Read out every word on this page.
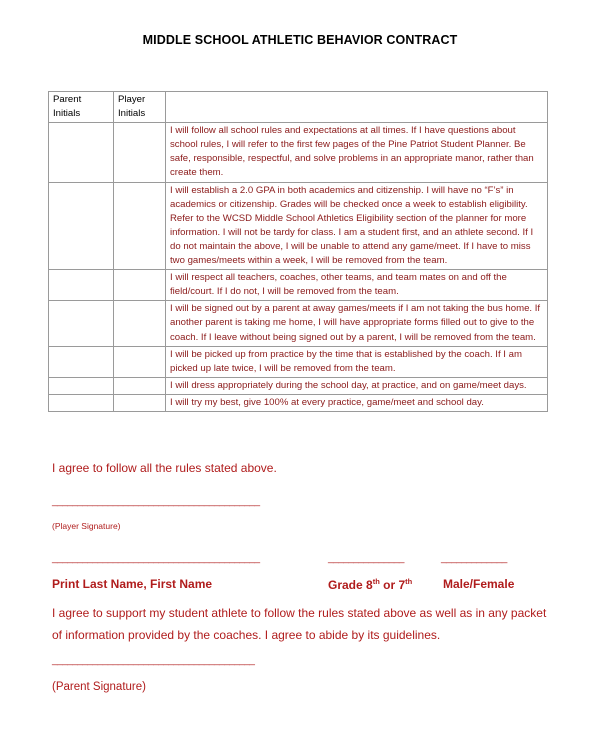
MIDDLE SCHOOL ATHLETIC BEHAVIOR CONTRACT
Parent Initials	Player Initials	
		I will follow all school rules and expectations at all times. If I have questions about school rules, I will refer to the first few pages of the Pine Patriot Student Planner. Be safe, responsible, respectful, and solve problems in an appropriate manor, rather than create them.
		I will establish a 2.0 GPA in both academics and citizenship. I will have no “F’s” in academics or citizenship. Grades will be checked once a week to establish eligibility. Refer to the WCSD Middle School Athletics Eligibility section of the planner for more information. I will not be tardy for class. I am a student first, and an athlete second. If I do not maintain the above, I will be unable to attend any game/meet. If I have to miss two games/meets within a week, I will be removed from the team.
		I will respect all teachers, coaches, other teams, and team mates on and off the field/court. If I do not, I will be removed from the team.
		I will be signed out by a parent at away games/meets if I am not taking the bus home. If another parent is taking me home, I will have appropriate forms filled out to give to the coach. If I leave without being signed out by a parent, I will be removed from the team.
		I will be picked up from practice by the time that is established by the coach. If I am picked up late twice, I will be removed from the team.
		I will dress appropriately during the school day, at practice, and on game/meet days.
		I will try my best, give 100% at every practice, game/meet and school day.
I agree to follow all the rules stated above.
_________________________________________
(Player Signature)
_________________________________________	_______________	_____________
Print Last Name, First Name	Grade 8th or 7th	Male/Female
I agree to support my student athlete to follow the rules stated above as well as in any packet
of information provided by the coaches. I agree to abide by its guidelines.
________________________________________
(Parent Signature)
